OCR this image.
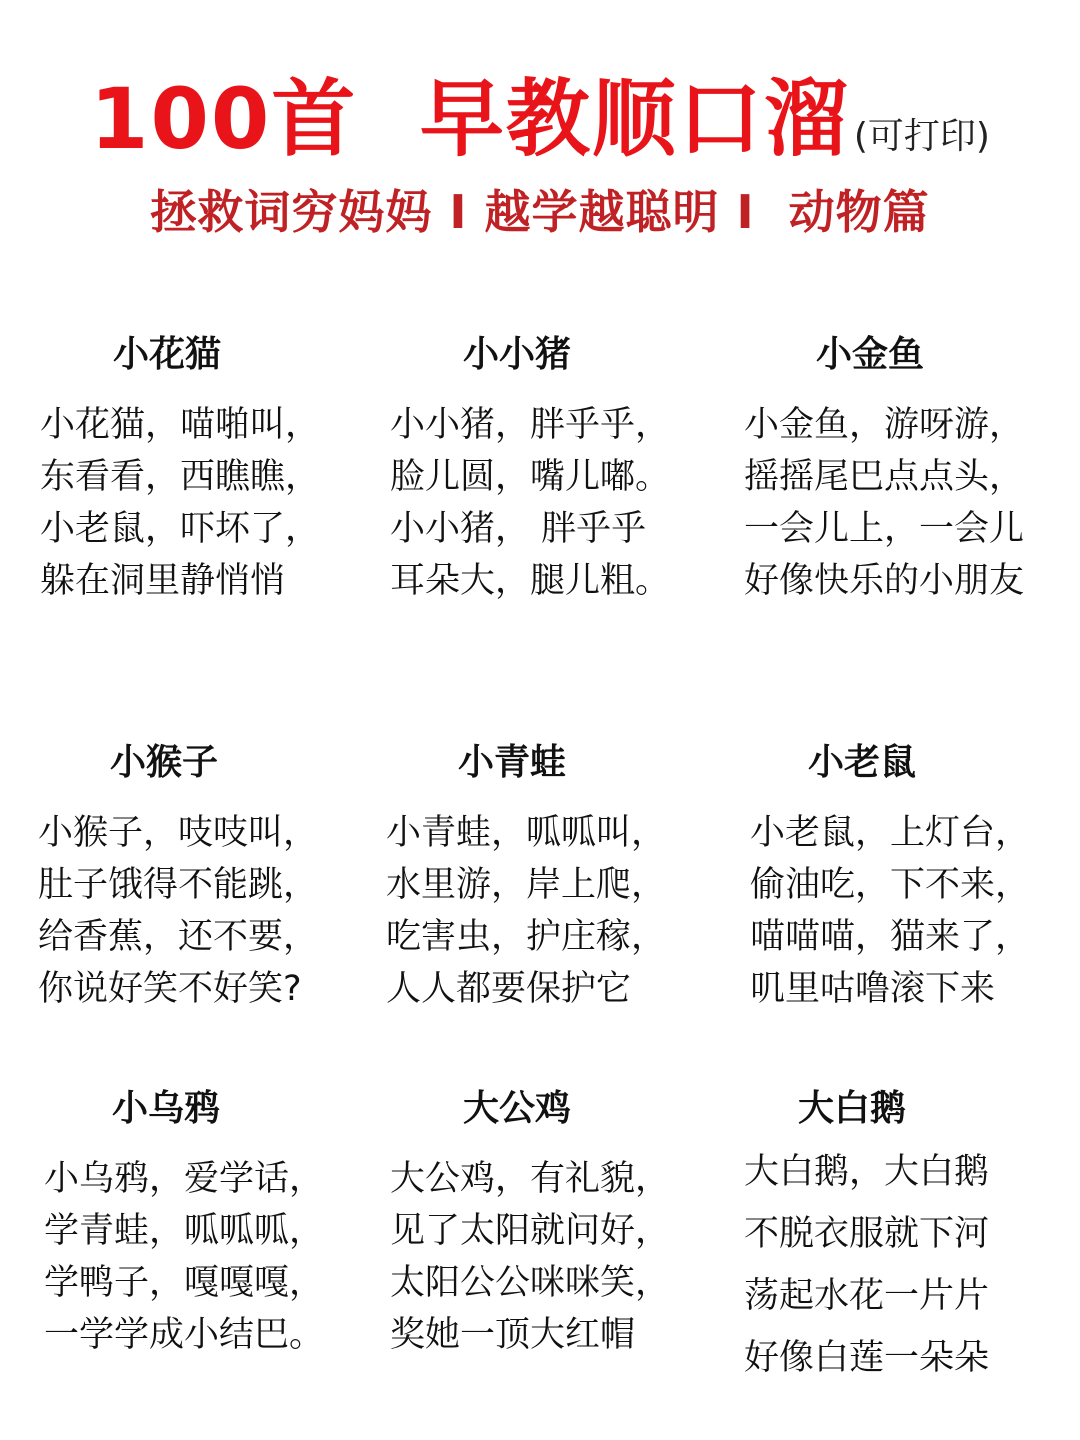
100首  早教顺口溜 (可打印)
拯救词穷妈妈 I 越学越聪明 I  动物篇
小花猫
小花猫，喵啪叫，
东看看，西瞧瞧，
小老鼠，吓坏了，
躲在洞里静悄悄
小小猪
小小猪，胖乎乎，
脸儿圆，嘴儿嘟。
小小猪， 胖乎乎
耳朵大，腿儿粗。
小金鱼
小金鱼，游呀游，
摇摇尾巴点点头，
一会儿上，一会儿
好像快乐的小朋友
小猴子
小猴子，吱吱叫，
肚子饿得不能跳，
给香蕉，还不要，
你说好笑不好笑?
小青蛙
小青蛙，呱呱叫，
水里游，岸上爬，
吃害虫，护庄稼，
人人都要保护它
小老鼠
小老鼠，上灯台，
偷油吃，下不来，
喵喵喵，猫来了，
叽里咕噜滚下来
小乌鸦
小乌鸦，爱学话，
学青蛙，呱呱呱，
学鸭子，嘎嘎嘎，
一学学成小结巴。
大公鸡
大公鸡，有礼貌，
见了太阳就问好，
太阳公公咪咪笑，
奖她一顶大红帽
大白鹅
大白鹅，大白鹅
不脱衣服就下河
荡起水花一片片
好像白莲一朵朵
